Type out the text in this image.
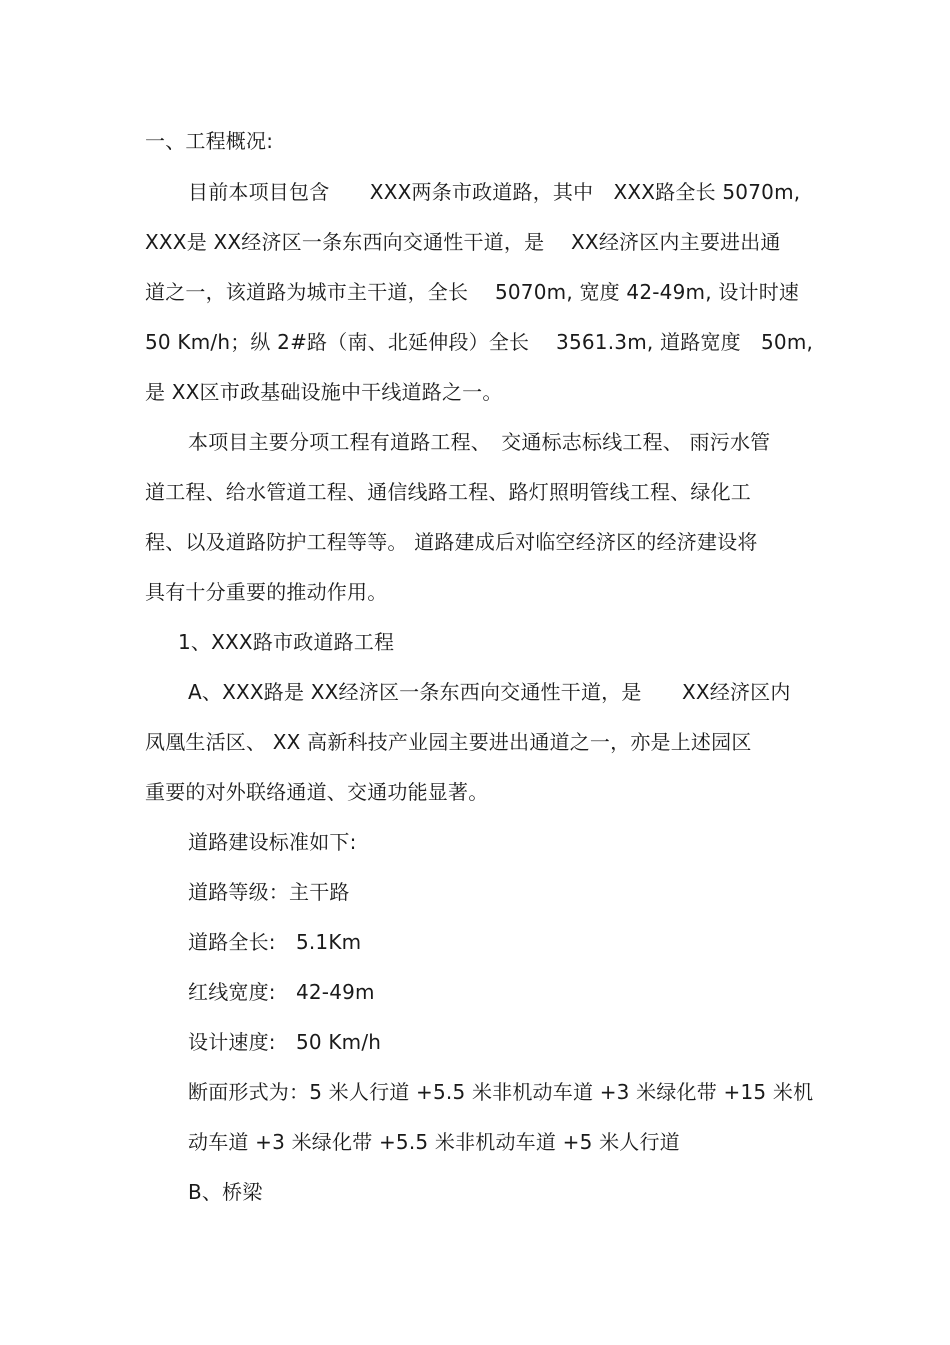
一、工程概况:
目前本项目包含　　XXX两条市政道路，其中　XXX路全长 5070m,
XXX是 XX经济区一条东西向交通性干道，是　 XX经济区内主要进出通
道之一，该道路为城市主干道，全长　 5070m, 宽度 42-49m, 设计时速
50 Km/h；纵 2#路（南、北延伸段）全长　 3561.3m, 道路宽度　50m,
是 XX区市政基础设施中干线道路之一。
本项目主要分项工程有道路工程、　交通标志标线工程、 雨污水管
道工程、给水管道工程、通信线路工程、路灯照明管线工程、绿化工
程、以及道路防护工程等等。 道路建成后对临空经济区的经济建设将
具有十分重要的推动作用。
1、XXX路市政道路工程
A、XXX路是 XX经济区一条东西向交通性干道，是　　XX经济区内
凤凰生活区、 XX 高新科技产业园主要进出通道之一，亦是上述园区
重要的对外联络通道、交通功能显著。
道路建设标准如下:
道路等级：主干路
道路全长:　5.1Km
红线宽度:　42-49m
设计速度:　50 Km/h
断面形式为：5 米人行道 +5.5 米非机动车道 +3 米绿化带 +15 米机
动车道 +3 米绿化带 +5.5 米非机动车道 +5 米人行道
B、桥梁
